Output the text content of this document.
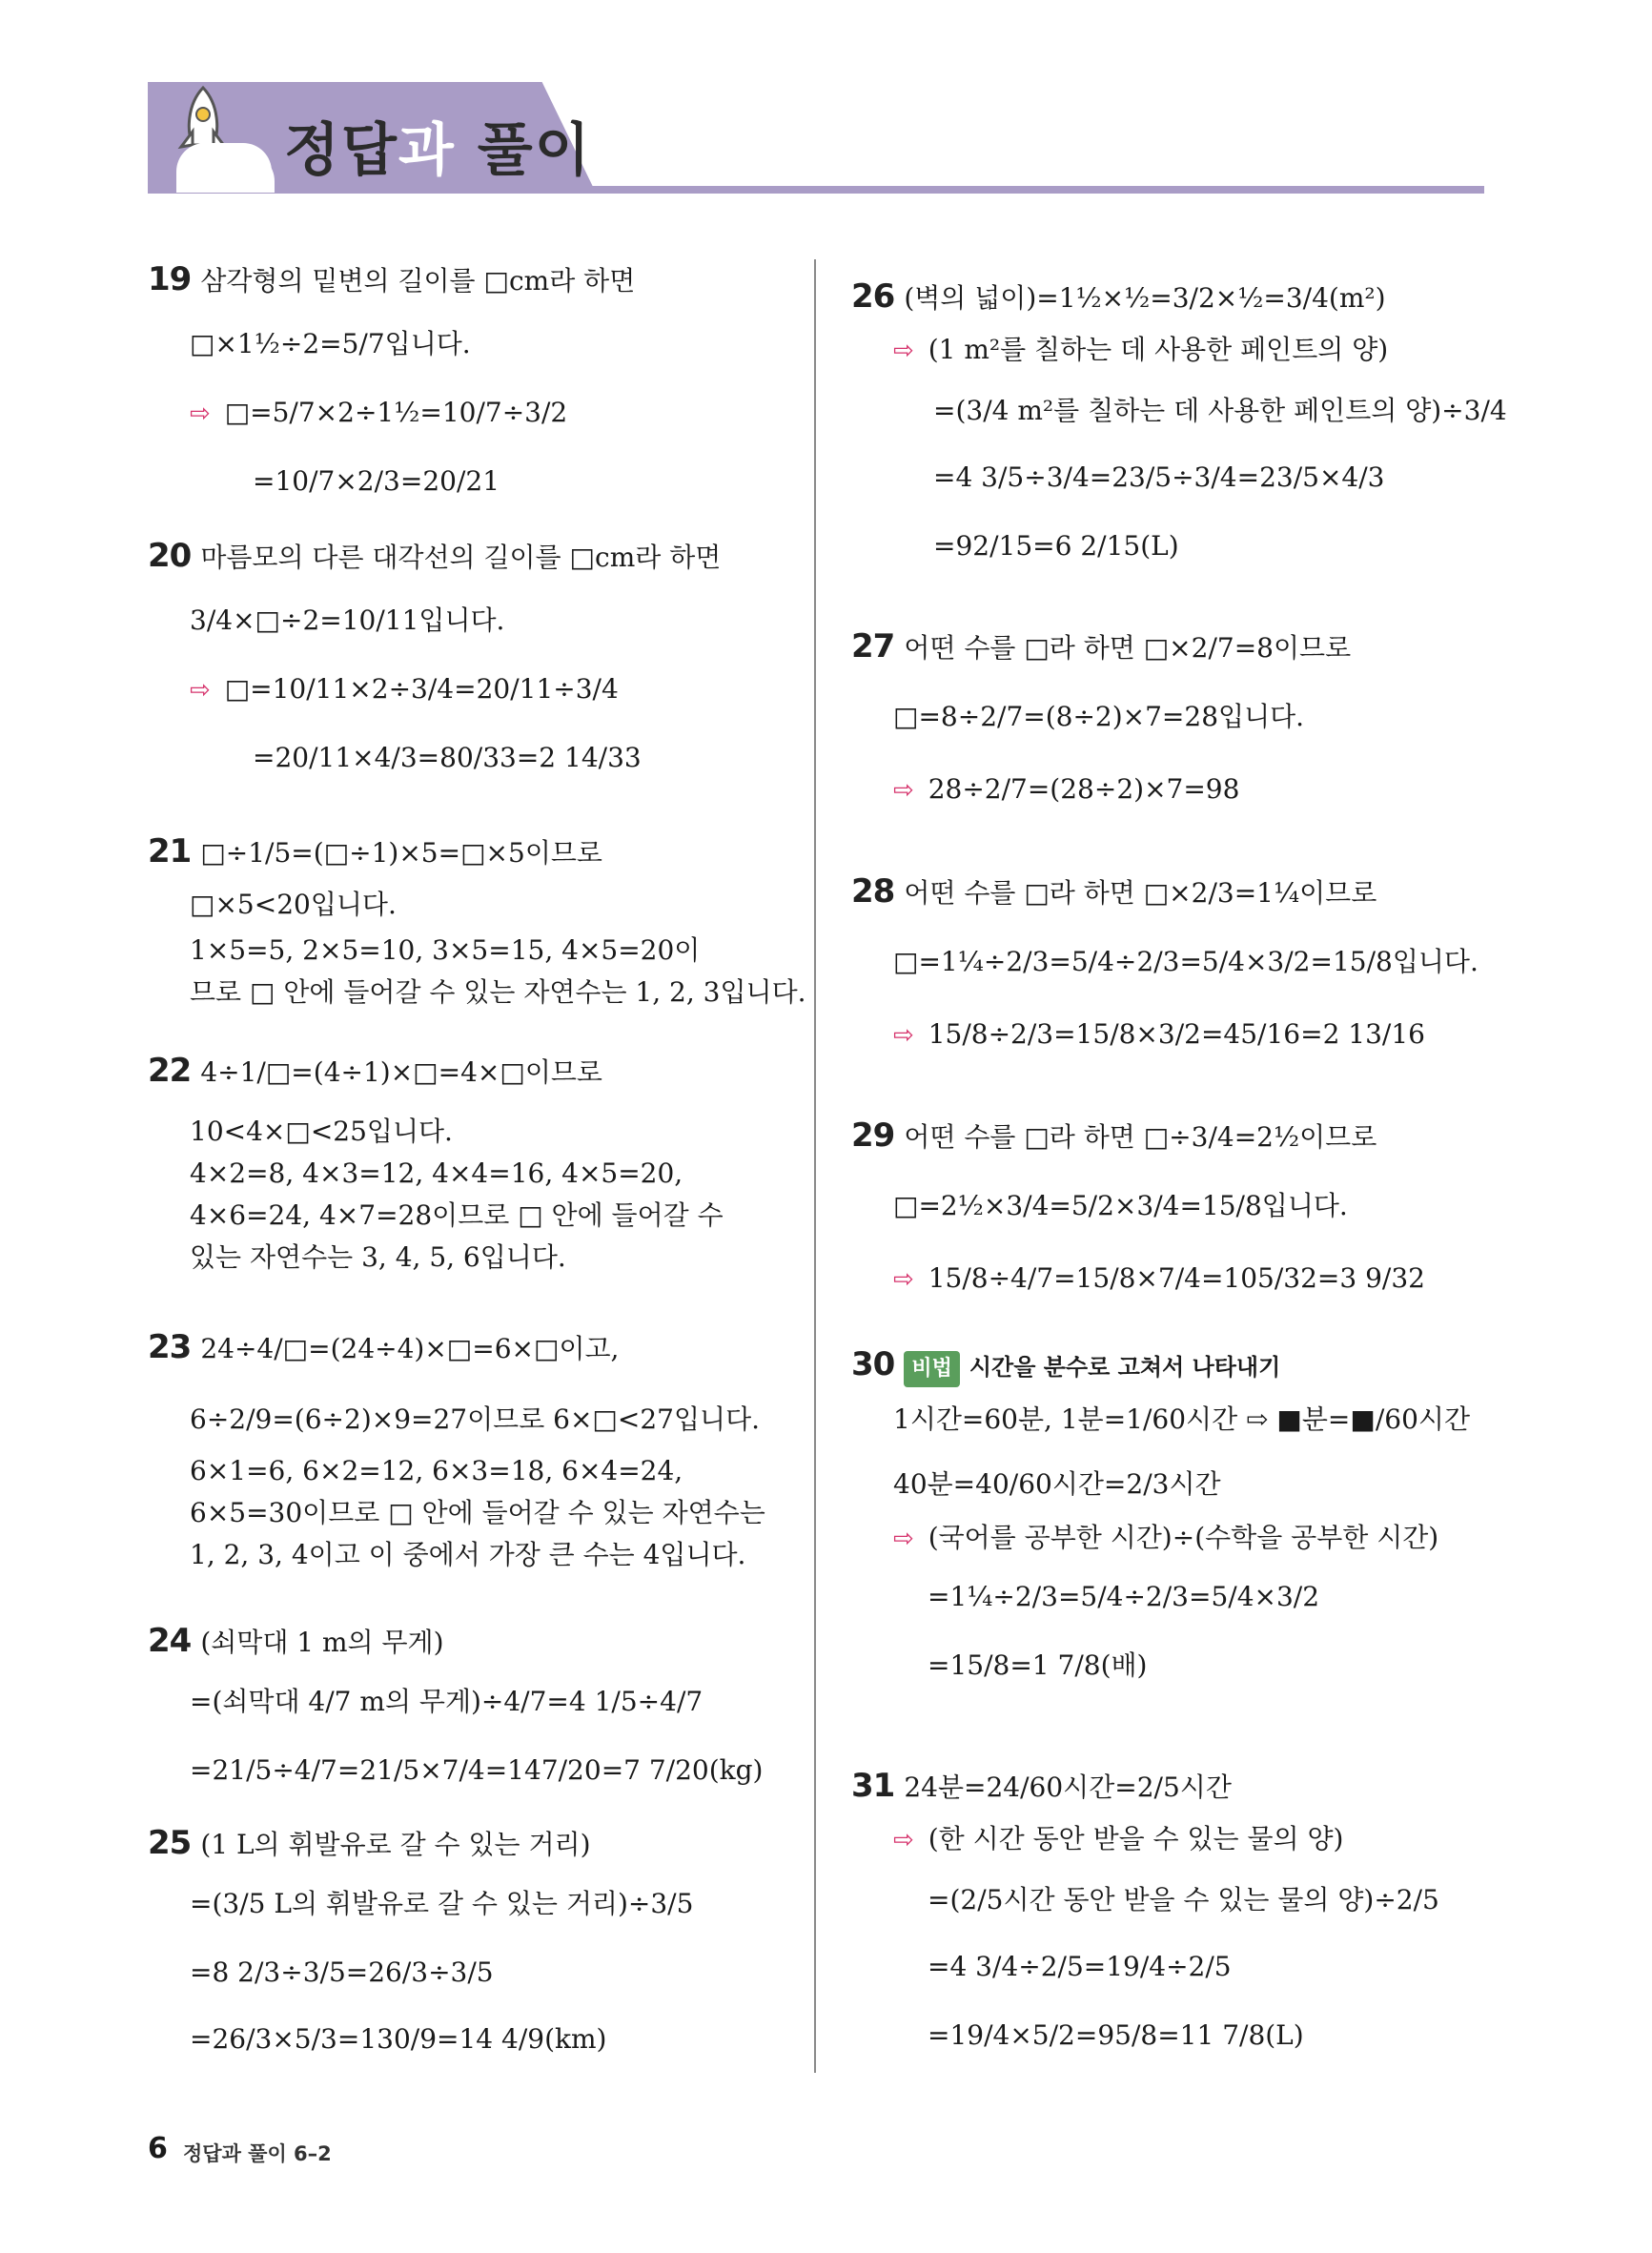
정답과 풀이
19 삼각형의 밑변의 길이를 □cm라 하면
□×1½÷2=5/7입니다.
⇨ □=5/7×2÷1½=10/7÷3/2
=10/7×2/3=20/21
20 마름모의 다른 대각선의 길이를 □cm라 하면
3/4×□÷2=10/11입니다.
⇨ □=10/11×2÷3/4=20/11÷3/4
=20/11×4/3=80/33=2 14/33
21 □÷1/5=(□÷1)×5=□×5이므로
□×5<20입니다.
1×5=5, 2×5=10, 3×5=15, 4×5=20이
므로 □ 안에 들어갈 수 있는 자연수는 1, 2, 3입니다.
22 4÷1/□=(4÷1)×□=4×□이므로
10<4×□<25입니다.
4×2=8, 4×3=12, 4×4=16, 4×5=20,
4×6=24, 4×7=28이므로 □ 안에 들어갈 수
있는 자연수는 3, 4, 5, 6입니다.
23 24÷4/□=(24÷4)×□=6×□이고,
6÷2/9=(6÷2)×9=27이므로 6×□<27입니다.
6×1=6, 6×2=12, 6×3=18, 6×4=24,
6×5=30이므로 □ 안에 들어갈 수 있는 자연수는
1, 2, 3, 4이고 이 중에서 가장 큰 수는 4입니다.
24 (쇠막대 1 m의 무게)
=(쇠막대 4/7 m의 무게)÷4/7=4 1/5÷4/7
=21/5÷4/7=21/5×7/4=147/20=7 7/20(kg)
25 (1 L의 휘발유로 갈 수 있는 거리)
=(3/5 L의 휘발유로 갈 수 있는 거리)÷3/5
=8 2/3÷3/5=26/3÷3/5
=26/3×5/3=130/9=14 4/9(km)
26 (벽의 넓이)=1½×½=3/2×½=3/4(m²)
⇨ (1 m²를 칠하는 데 사용한 페인트의 양)
=(3/4 m²를 칠하는 데 사용한 페인트의 양)÷3/4
=4 3/5÷3/4=23/5÷3/4=23/5×4/3
=92/15=6 2/15(L)
27 어떤 수를 □라 하면 □×2/7=8이므로
□=8÷2/7=(8÷2)×7=28입니다.
⇨ 28÷2/7=(28÷2)×7=98
28 어떤 수를 □라 하면 □×2/3=1¼이므로
□=1¼÷2/3=5/4÷2/3=5/4×3/2=15/8입니다.
⇨ 15/8÷2/3=15/8×3/2=45/16=2 13/16
29 어떤 수를 □라 하면 □÷3/4=2½이므로
□=2½×3/4=5/2×3/4=15/8입니다.
⇨ 15/8÷4/7=15/8×7/4=105/32=3 9/32
30 비법 시간을 분수로 고쳐서 나타내기
1시간=60분, 1분=1/60시간 ⇨ ■분=■/60시간
40분=40/60시간=2/3시간
⇨ (국어를 공부한 시간)÷(수학을 공부한 시간)
=1¼÷2/3=5/4÷2/3=5/4×3/2
=15/8=1 7/8(배)
31 24분=24/60시간=2/5시간
⇨ (한 시간 동안 받을 수 있는 물의 양)
=(2/5시간 동안 받을 수 있는 물의 양)÷2/5
=4 3/4÷2/5=19/4÷2/5
=19/4×5/2=95/8=11 7/8(L)
6 정답과 풀이 6–2
